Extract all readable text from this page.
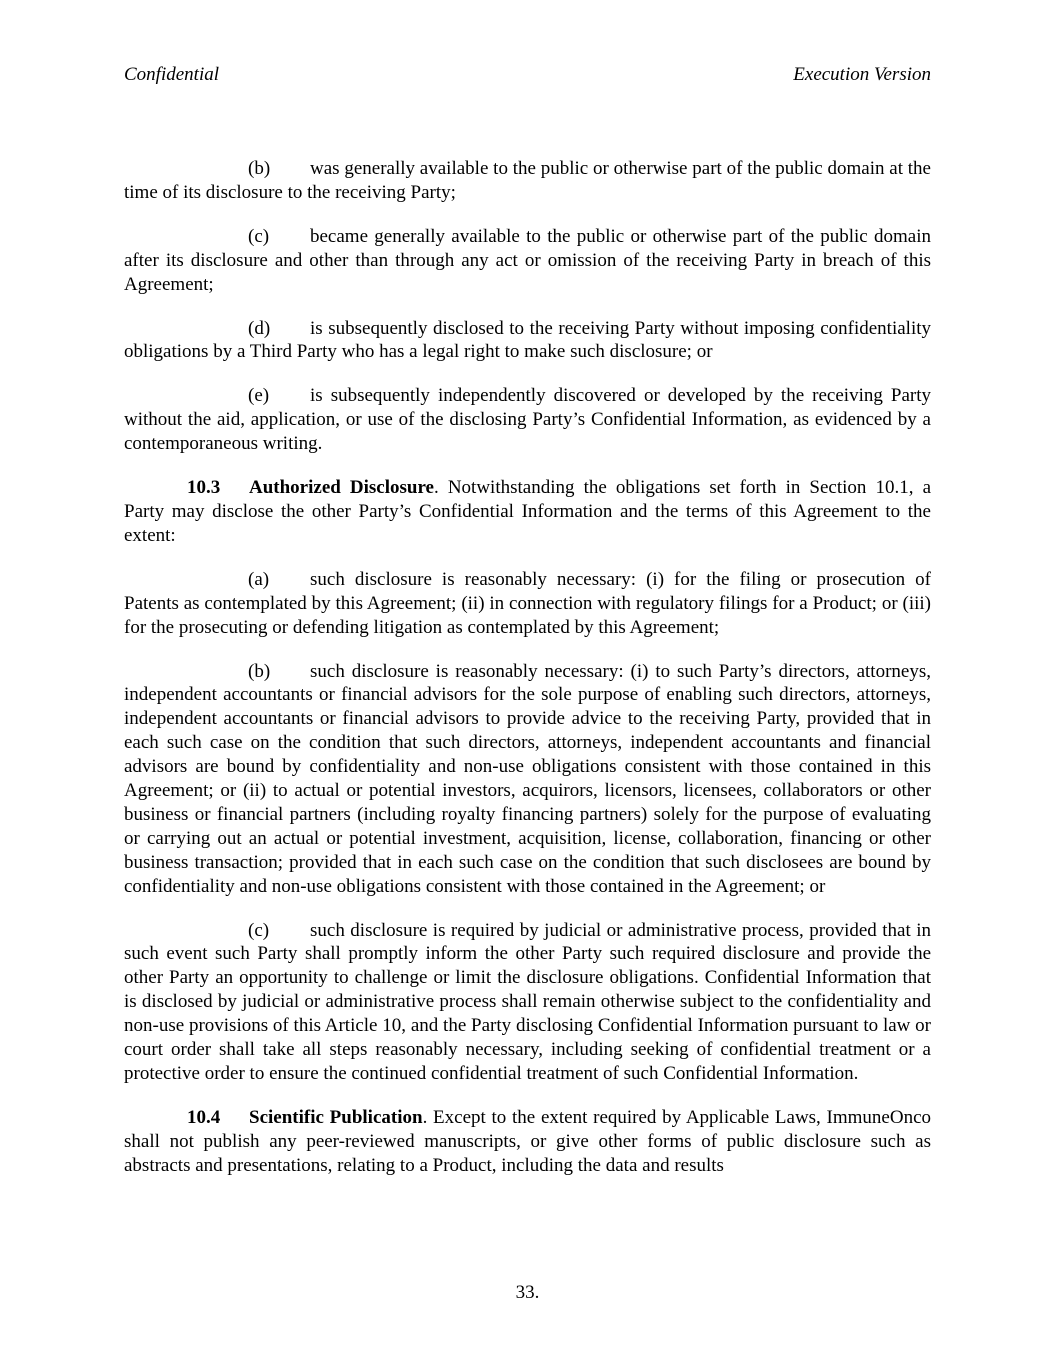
Confidential	Execution Version

(b) was generally available to the public or otherwise part of the public domain at the time of its disclosure to the receiving Party;

(c) became generally available to the public or otherwise part of the public domain after its disclosure and other than through any act or omission of the receiving Party in breach of this Agreement;

(d) is subsequently disclosed to the receiving Party without imposing confidentiality obligations by a Third Party who has a legal right to make such disclosure; or

(e) is subsequently independently discovered or developed by the receiving Party without the aid, application, or use of the disclosing Party’s Confidential Information, as evidenced by a contemporaneous writing.

10.3 Authorized Disclosure. Notwithstanding the obligations set forth in Section 10.1, a Party may disclose the other Party’s Confidential Information and the terms of this Agreement to the extent:

(a) such disclosure is reasonably necessary: (i) for the filing or prosecution of Patents as contemplated by this Agreement; (ii) in connection with regulatory filings for a Product; or (iii) for the prosecuting or defending litigation as contemplated by this Agreement;

(b) such disclosure is reasonably necessary: (i) to such Party’s directors, attorneys, independent accountants or financial advisors for the sole purpose of enabling such directors, attorneys, independent accountants or financial advisors to provide advice to the receiving Party, provided that in each such case on the condition that such directors, attorneys, independent accountants and financial advisors are bound by confidentiality and non-use obligations consistent with those contained in this Agreement; or (ii) to actual or potential investors, acquirors, licensors, licensees, collaborators or other business or financial partners (including royalty financing partners) solely for the purpose of evaluating or carrying out an actual or potential investment, acquisition, license, collaboration, financing or other business transaction; provided that in each such case on the condition that such disclosees are bound by confidentiality and non-use obligations consistent with those contained in the Agreement; or

(c) such disclosure is required by judicial or administrative process, provided that in such event such Party shall promptly inform the other Party such required disclosure and provide the other Party an opportunity to challenge or limit the disclosure obligations. Confidential Information that is disclosed by judicial or administrative process shall remain otherwise subject to the confidentiality and non-use provisions of this Article 10, and the Party disclosing Confidential Information pursuant to law or court order shall take all steps reasonably necessary, including seeking of confidential treatment or a protective order to ensure the continued confidential treatment of such Confidential Information.

10.4 Scientific Publication. Except to the extent required by Applicable Laws, ImmuneOnco shall not publish any peer-reviewed manuscripts, or give other forms of public disclosure such as abstracts and presentations, relating to a Product, including the data and results

33.
